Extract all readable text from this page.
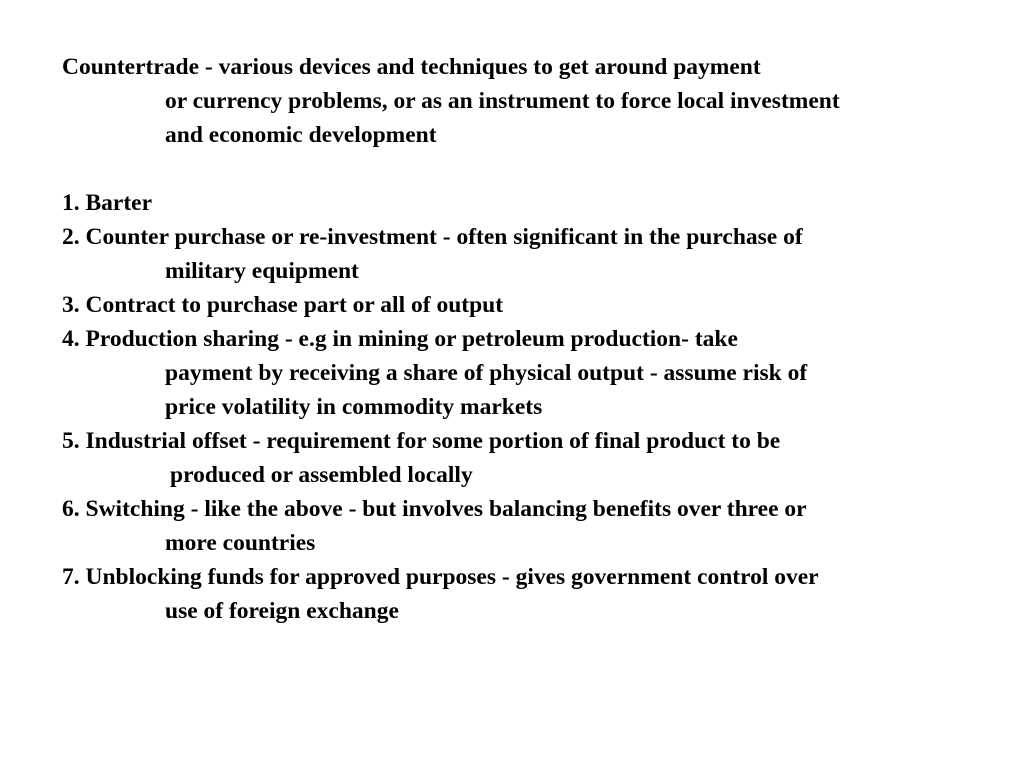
Countertrade - various devices and techniques to get around payment
or currency problems, or as an instrument to force local investment
and economic development
1. Barter
2. Counter purchase or re-investment - often significant in the purchase of
military equipment
3. Contract to purchase part or all of output
4. Production sharing - e.g in mining or petroleum production- take
payment by receiving a share of physical output - assume risk of
price volatility in commodity markets
5. Industrial offset - requirement for some portion of final product to be
produced or assembled locally
6. Switching - like the above - but involves balancing benefits over three or
more countries
7. Unblocking funds for approved purposes - gives government control over
use of foreign exchange
